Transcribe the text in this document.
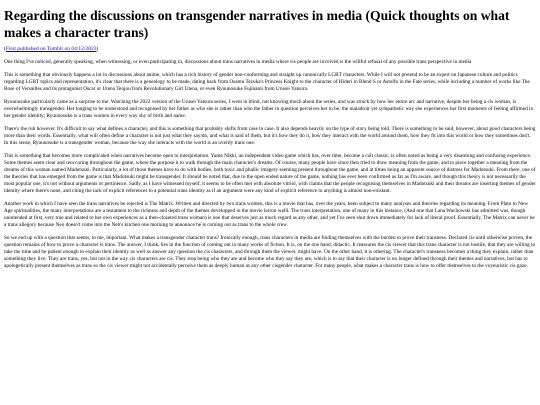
Regarding the discussions on transgender narratives in media (Quick thoughts on what makes a character trans)

(First published on Tumblr on 04/12/2023)

One thing I've noticed, generally speaking, when witnessing, or even participating in, discussions about trans narratives in media where cis people are involved is the willful refusal of any possible trans perspective in media

This is something that obviously happens a lot in discussions about anime, which has a rich history of gender non-conforming and straight up canonically LGBT characters. While I will not pretend to be an expert on Japanese culture and politics regarding LGBT topics and representation, it's clear that there is a genealogy to be made, dating back from Osamu Tezuka's Princess Knight to the character of Hideri in Blend S or Astolfo in the Fate series, while including a number of works like The Rose of Versailles and its protagonist Oscar or Utena Tenjou from Revolutionary Girl Utena, or even Ryuunosuke Fujinami from Urusei Yatsura.

Ryuunosuke particularly came as a surprise to me. Watching the 2022 version of the Urusei Yatsura series, I went in blind, not knowing much about the series, and was struck by how her entire arc and narrative, despite her being a cis woman, is overwhelmingly transgender. Her longing to be understood and recognised by her father as who she is rather than who the father in question perceives her to be, the maladroit yet sympathetic way she experiences her first moments of feeling affirmed in her gender identity; Ryuunosuke is a trans women in every way shy of birth and name.

There's the rub however. It's difficult to say what defines a character, and this is something that probably shifts from case to case. It also depends heavily on the type of story being told. There is something to be said, however, about good characters being more than their words. Essentially, what will often define a character is not just what they say/do, and what is said of them, but it's how they do it, how they interact with the world around them, how they fit into this world or how they sometimes don't. In this sense, Ryuunosuke is a transgender woman, because the way she interacts with the world is an overtly trans one.

This is something that becomes more complicated when narratives become open to interpretation. Yume Nikki, an independent video game which has, over time, become a cult classic, is often noted as being a very disarming and confusing experience. Some themes seem clear and reoccuring throughout the game, where the purpose it to walk through the main character's dreams. Of course, many people have since then tried to draw meaning from the game, and to piece together a meaning from the dreams of this woman named Madotsuki. Particularly, a lot of those themes have to do with bodies, both toxic and phallic imagery seeming present throughout the game, and at times being an apparent source of distress for Madotsuki. From there, one of the theories that has emerged from the game is that Madotsuki might be transgender. It should be noted that, due to the open ended nature of the game, nothing has ever been confirmed as far as I'm aware, and though this theory is not necessarily the most popular one, it's not without arguments or pertinence. Sadly, as I have witnessed myself, it seems to be often met with absolute vitriol, with claims that the people recognising themselves in Madotsuki and their dreams are inserting themes of gender identity where there's none, and citing the lack of explicit references to a potential trans identity as if an argument were any kind of explicit reference to anything is almost non-existant.

Another work in which I have seen the trans narratives be rejected is The Matrix. Written and directed by two trans women, this is a movie that has, over the years, been subject to many analyses and theories regarding its meaning. From Plato to New Age spiritualities, the many interpretations are a testament to the richness and depth of the themes developped in the movie lerron welll. The trans interpretation, one of many in this instance, (And one that Lana Wachowski has admitted was, though unintended at first, very true and related to her own experiences as a then-closeted trans woman) is one that deserves just as much regard as any other, and yet I've seen shut down immediately for lack of literal proof. Essentially, The Matrix can never be a trans allegory because Neo doesn't come into the Neb's kitchen one morning to announce he is coming out as trans to the whole crew.

So we end up with a question that seems, to me, important. What makes a transgender character trans? Ironically enough, trans characters in media are finding themselves with the burden to prove their transness. Declared cis until otherwise proven, the question remains of how to prove a character is trans. The answer, I think, lies in the function of coming out in many works of fiction. It is, on the one hand, didactic. It reassures the cis viewer that this trans character is not hostile, that they are willing to take the time and be patient enough to explain their identity as well as answer any question the cis characters, and through them the viewer, might have. On the other hand, it is othering. The character's transness becomes a thing they explain, rather than something they live. They are trans, yes, but not in the way cis characters are cis. They stop being who they are and become who they say they are, which is to say that their character is no longer defined through their themes and narratives, but has to apologetically present themselves as trans so the cis viewer might not accidentally perceive them as deeply human as any other cisgender character. For many people, what makes a character trans is how to offer themselves to the voyeuristic cis gaze.
